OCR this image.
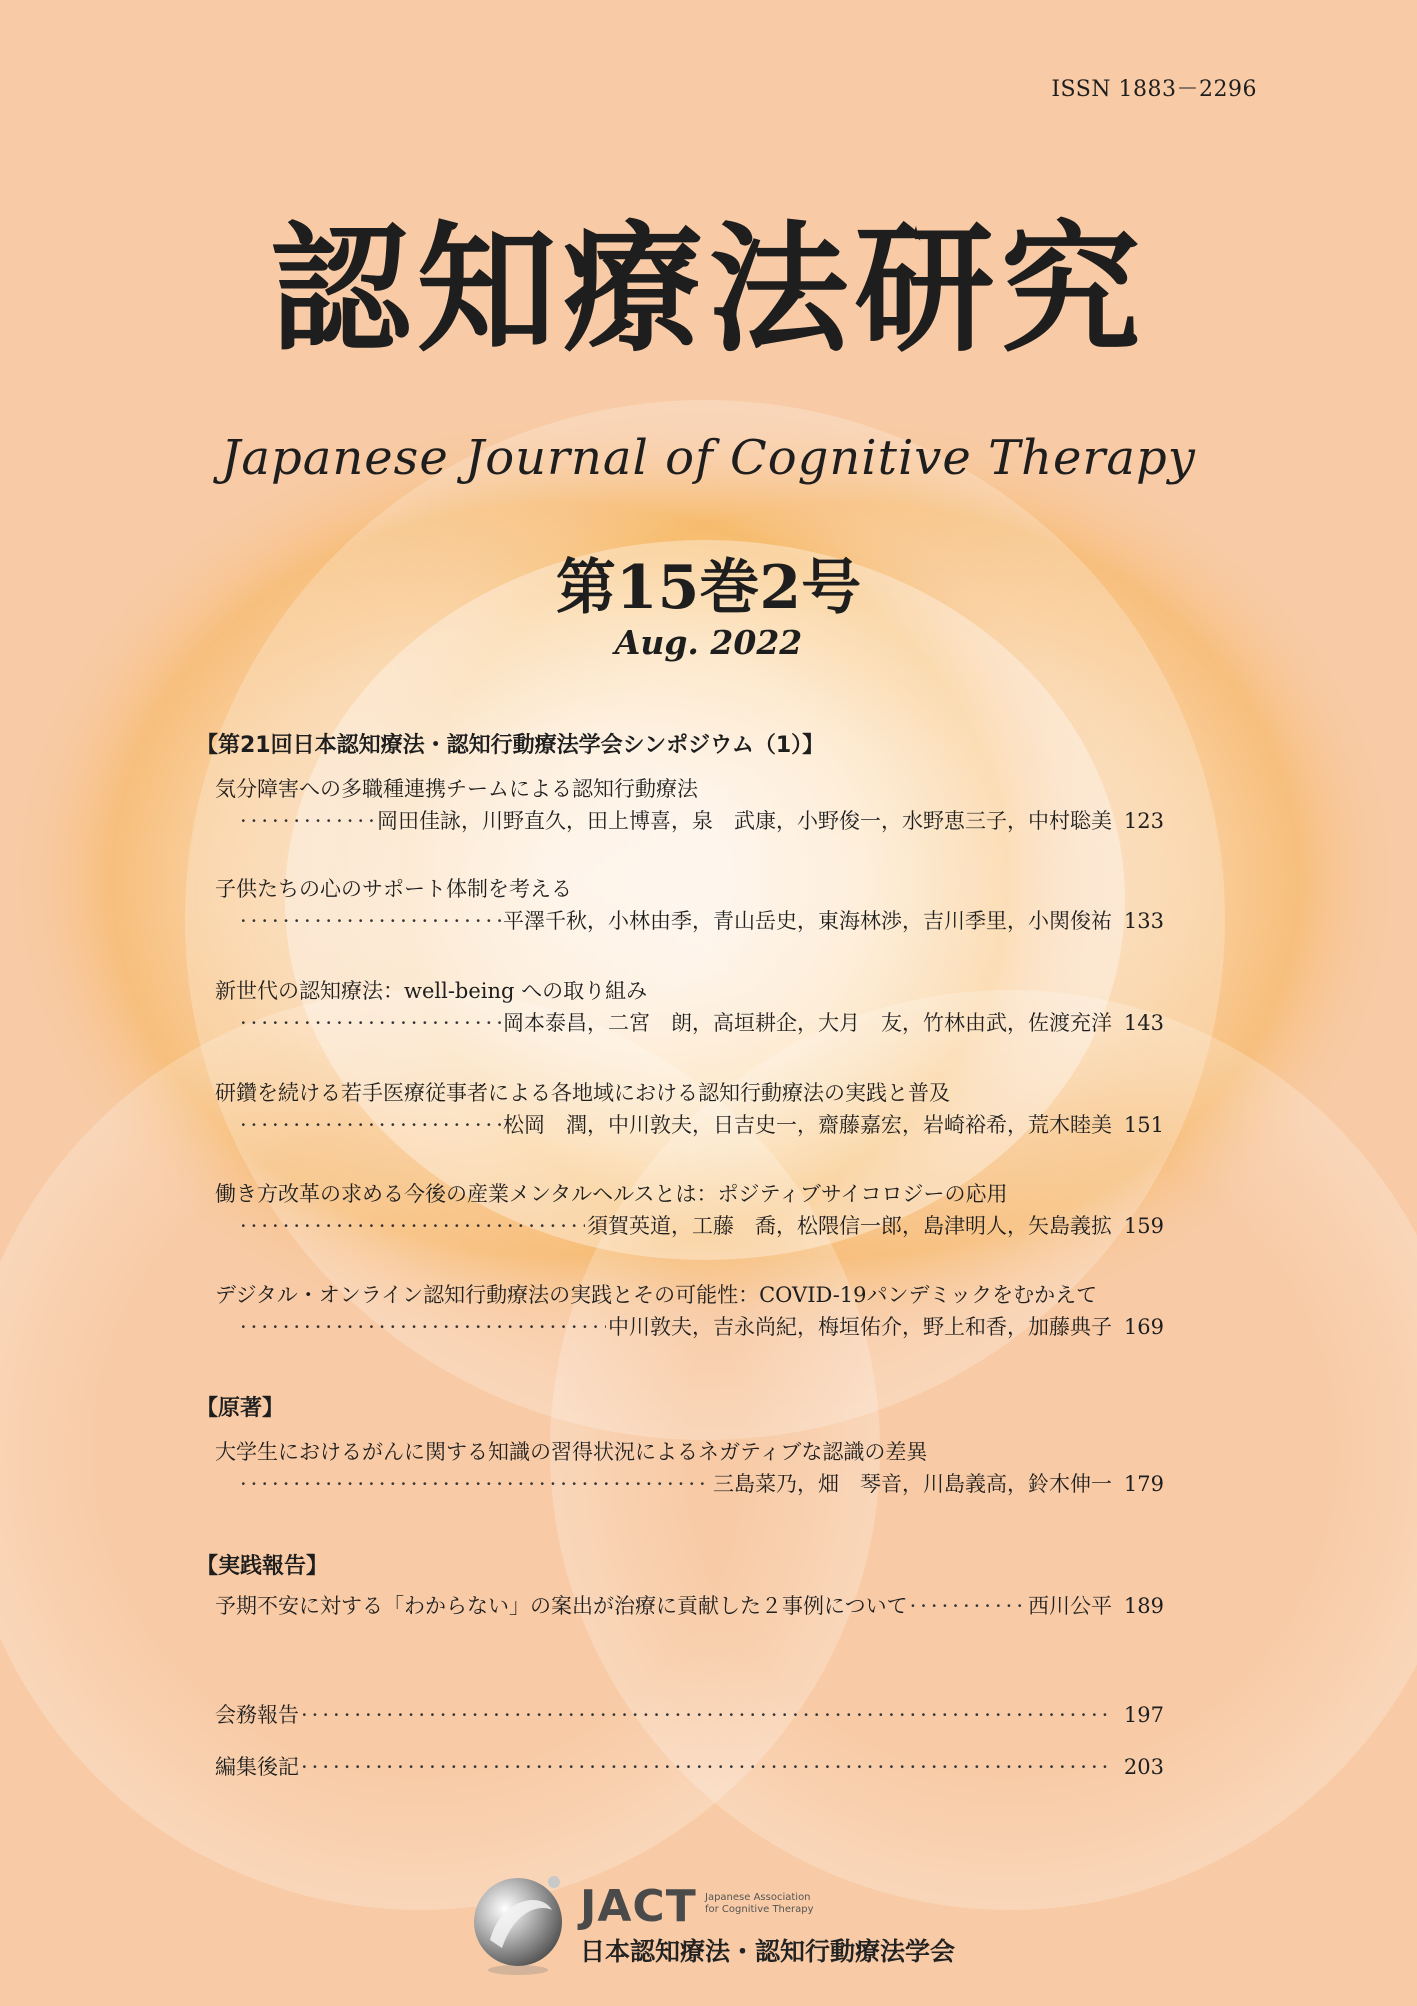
ISSN 1883－2296
認知療法研究
Japanese Journal of Cognitive Therapy
第15巻2号
Aug. 2022
【第21回日本認知療法・認知行動療法学会シンポジウム（1）】
気分障害への多職種連携チームによる認知行動療法
·····
岡田佳詠，川野直久，田上博喜，泉　武康，小野俊一，水野恵三子，中村聡美 123
子供たちの心のサポート体制を考える
·····
平澤千秋，小林由季，青山岳史，東海林渉，吉川季里，小関俊祐 133
新世代の認知療法：well-being への取り組み
·····
岡本泰昌，二宮　朗，高垣耕企，大月　友，竹林由武，佐渡充洋 143
研鑽を続ける若手医療従事者による各地域における認知行動療法の実践と普及
·····
松岡　潤，中川敦夫，日吉史一，齋藤嘉宏，岩崎裕希，荒木睦美 151
働き方改革の求める今後の産業メンタルヘルスとは：ポジティブサイコロジーの応用
·····
須賀英道，工藤　喬，松隈信一郎，島津明人，矢島義拡 159
デジタル・オンライン認知行動療法の実践とその可能性：COVID-19パンデミックをむかえて
·····
中川敦夫，吉永尚紀，梅垣佑介，野上和香，加藤典子 169
【原著】
大学生におけるがんに関する知識の習得状況によるネガティブな認識の差異
·····
三島菜乃，畑　琴音，川島義高，鈴木伸一 179
【実践報告】
予期不安に対する「わからない」の案出が治療に貢献した２事例について ·····	西川公平 189
会務報告 ·····	197
編集後記 ·····	203
JACT Japanese Association for Cognitive Therapy
日本認知療法・認知行動療法学会
